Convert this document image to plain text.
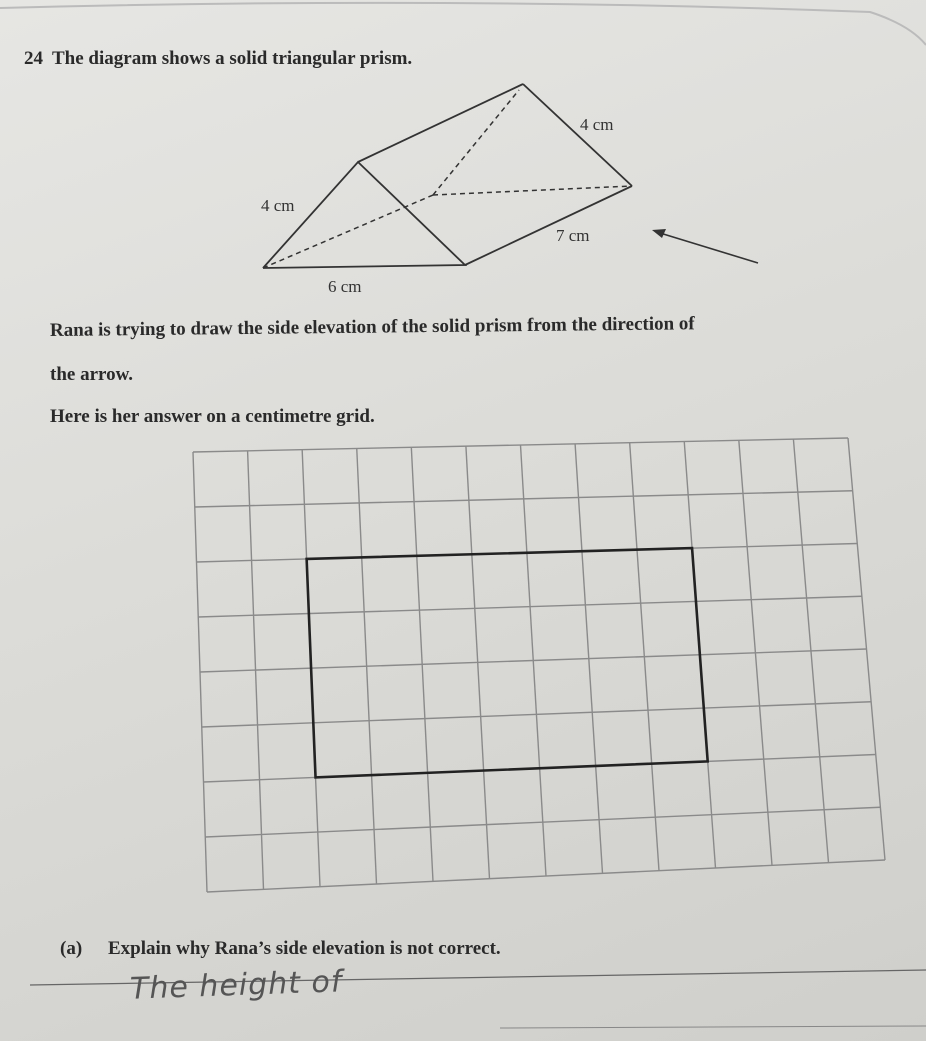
24 The diagram shows a solid triangular prism.
4 cm
4 cm
7 cm
6 cm
Rana is trying to draw the side elevation of the solid prism from the direction of
the arrow.
Here is her answer on a centimetre grid.
(a) Explain why Rana’s side elevation is not correct.
The height of
